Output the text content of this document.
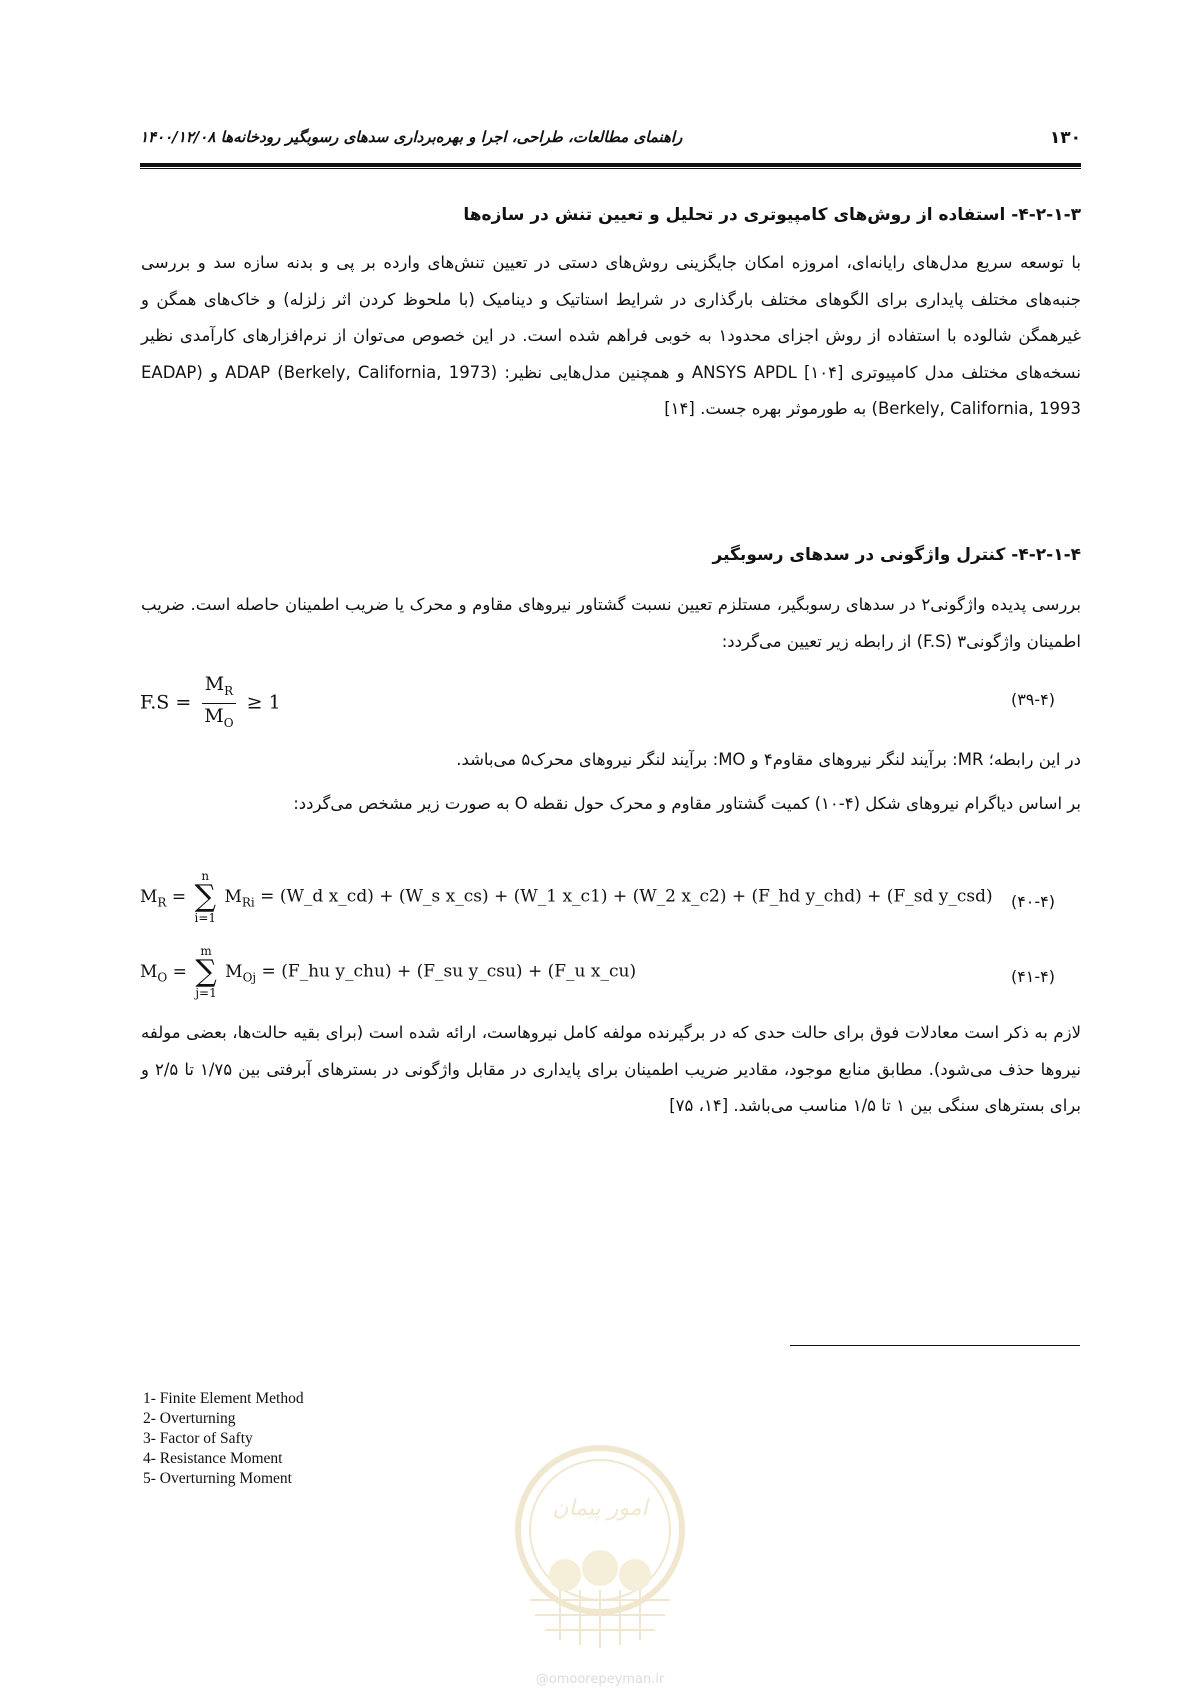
۱۳۰
راهنمای مطالعات، طراحی، اجرا و بهره‌برداری سدهای رسوبگیر رودخانه‌ها ۱۴۰۰/۱۲/۰۸
۴-۲-۱-۳- استفاده از روش‌های کامپیوتری در تحلیل و تعیین تنش در سازه‌ها

با توسعه سریع مدل‌های رایانه‌ای، امروزه امکان جایگزینی روش‌های دستی در تعیین تنش‌های وارده بر پی و بدنه سازه سد و بررسی جنبه‌های مختلف پایداری برای الگوهای مختلف بارگذاری در شرایط استاتیک و دینامیک (با ملحوظ کردن اثر زلزله) و خاک‌های همگن و غیرهمگن شالوده با استفاده از روش اجزای محدود۱ به خوبی فراهم شده است. در این خصوص می‌توان از نرم‌افزارهای کارآمدی نظیر نسخه‌های مختلف مدل کامپیوتری ANSYS APDL [۱۰۴] و همچنین مدل‌هایی نظیر: (ADAP (Berkely, California, 1973 و (EADAP (Berkely, California, 1993 به طورموثر بهره جست. [۱۴]

۴-۲-۱-۴- کنترل واژگونی در سدهای رسوبگیر

بررسی پدیده واژگونی۲ در سدهای رسوبگیر، مستلزم تعیین نسبت گشتاور نیروهای مقاوم و محرک یا ضریب اطمینان حاصله است. ضریب اطمینان واژگونی۳ (F.S) از رابطه زیر تعیین می‌گردد:

$F.S = \frac{M_R}{M_O} \ge 1$	(۳۹-۴)

در این رابطه؛ MR: برآیند لنگر نیروهای مقاوم۴ و MO: برآیند لنگر نیروهای محرک۵ می‌باشد.

بر اساس دیاگرام نیروهای شکل (۴-۱۰) کمیت گشتاور مقاوم و محرک حول نقطه O به صورت زیر مشخص می‌گردد:

$M_R$ =
n
∑
i=1
$M_{Ri}$ = (W_d x_cd) + (W_s x_cs) + (W_1 x_c1) + (W_2 x_c2) + (F_hd y_chd) + (F_sd y_csd) (۴۰-۴)
$M_O$ =
m
∑
j=1
$M_{Oj}$ = (F_hu y_chu) + (F_su y_csu) + (F_u x_cu)	(۴۱-۴)

لازم به ذکر است معادلات فوق برای حالت حدی که در برگیرنده مولفه کامل نیروهاست، ارائه شده است (برای بقیه حالت‌ها، بعضی مولفه نیروها حذف می‌شود). مطابق منابع موجود، مقادیر ضریب اطمینان برای پایداری در مقابل واژگونی در بسترهای آبرفتی بین ۱/۷۵ تا ۲/۵ و برای بسترهای سنگی بین ۱ تا ۱/۵ مناسب می‌باشد. [۱۴، ۷۵]

1- Finite Element Method
2- Overturning
3- Factor of Safty
4- Resistance Moment
5- Overturning Moment
امور پیمان
@omoorepeyman.ir
